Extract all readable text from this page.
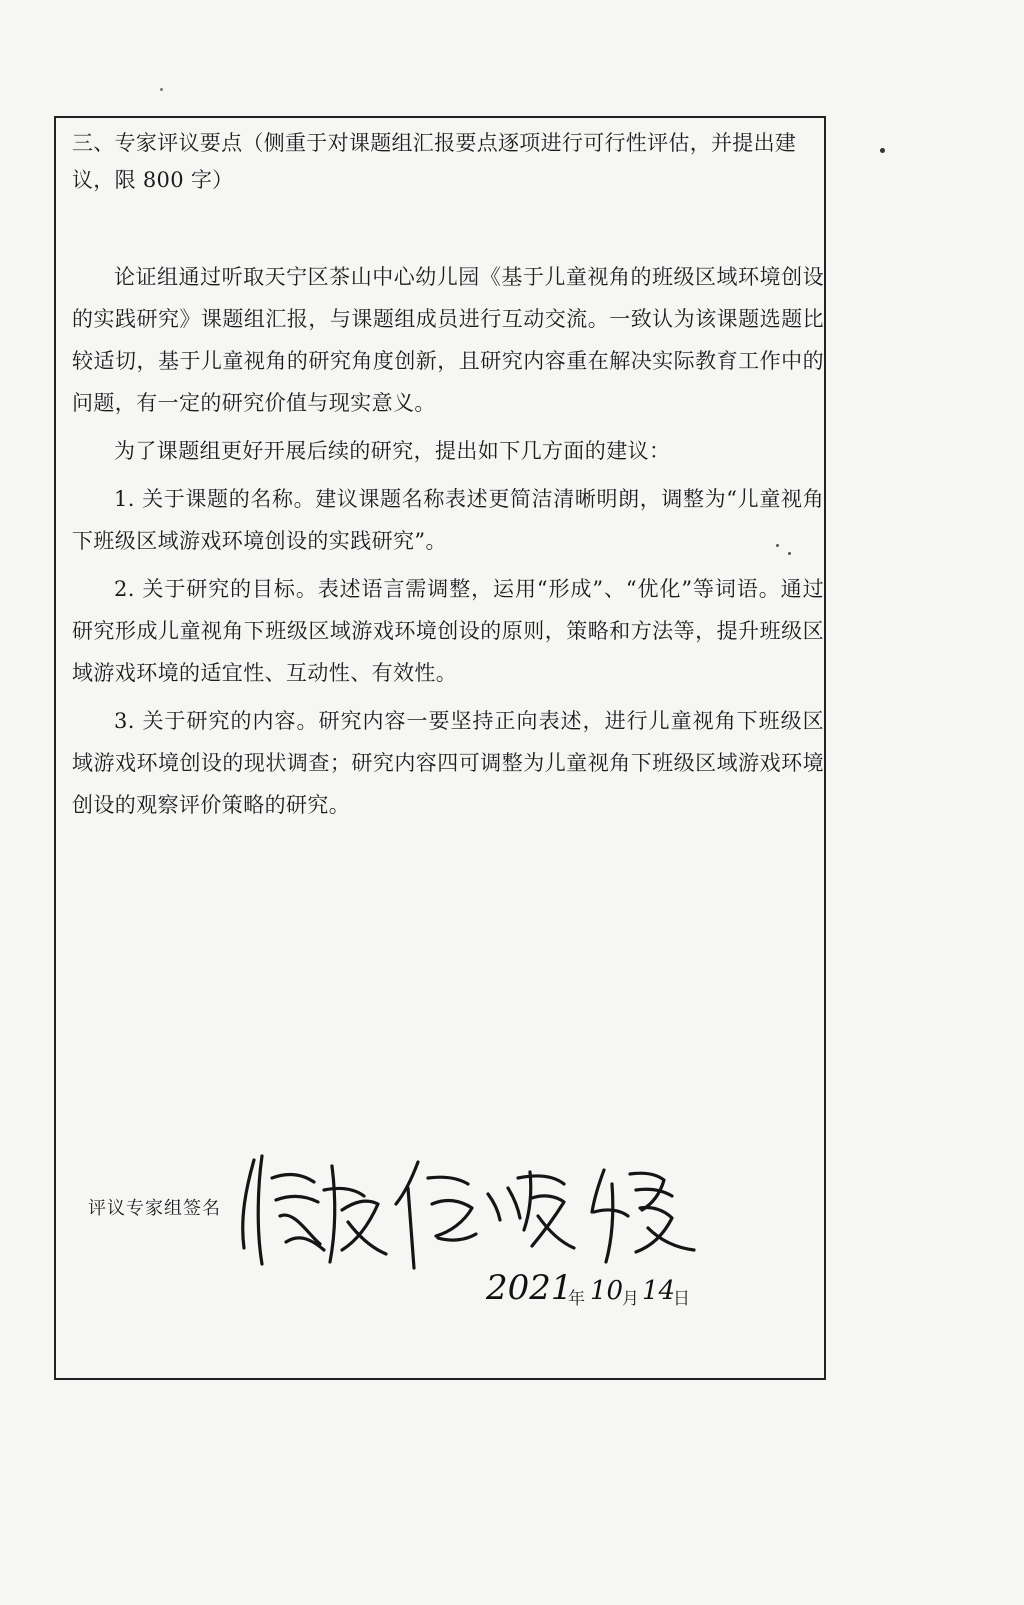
三、专家评议要点（侧重于对课题组汇报要点逐项进行可行性评估，并提出建
议，限 800 字）

论证组通过听取天宁区茶山中心幼儿园《基于儿童视角的班级区域环境创设的实践研究》课题组汇报，与课题组成员进行互动交流。一致认为该课题选题比较适切，基于儿童视角的研究角度创新，且研究内容重在解决实际教育工作中的问题，有一定的研究价值与现实意义。

为了课题组更好开展后续的研究，提出如下几方面的建议：

1. 关于课题的名称。建议课题名称表述更简洁清晰明朗，调整为“儿童视角下班级区域游戏环境创设的实践研究”。

2. 关于研究的目标。表述语言需调整，运用“形成”、“优化”等词语。通过研究形成儿童视角下班级区域游戏环境创设的原则，策略和方法等，提升班级区域游戏环境的适宜性、互动性、有效性。

3. 关于研究的内容。研究内容一要坚持正向表述，进行儿童视角下班级区域游戏环境创设的现状调查；研究内容四可调整为儿童视角下班级区域游戏环境创设的观察评价策略的研究。

评议专家组签名
2021
年 10
月 14
日
